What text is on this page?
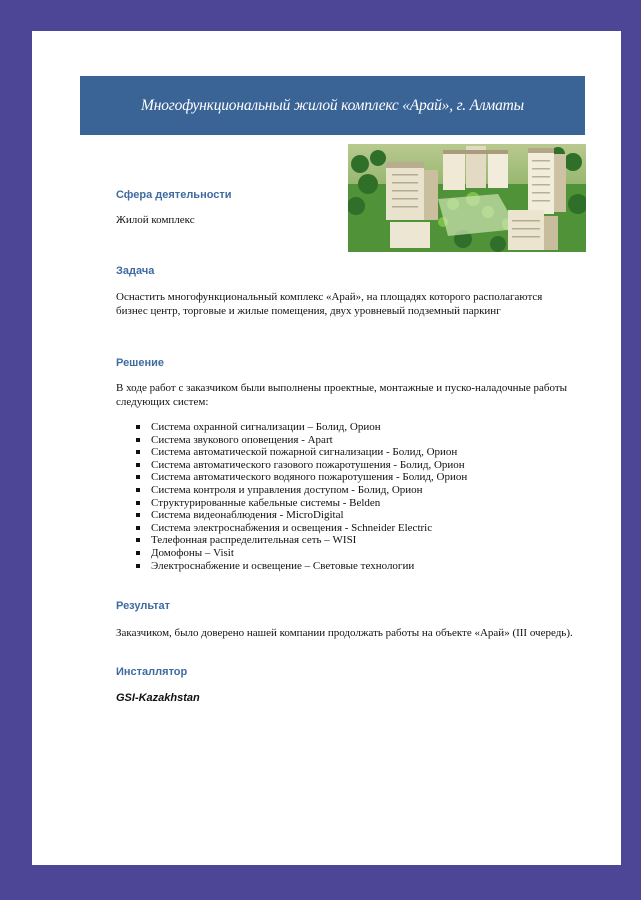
Многофункциональный жилой комплекс «Арай», г. Алматы
Сфера деятельности

Жилой комплекс

Задача

Оснастить многофункциональный комплекс «Арай», на площадях которого располагаются бизнес центр, торговые и жилые помещения, двух уровневый подземный паркинг

Решение

В ходе работ с заказчиком были выполнены проектные, монтажные и пуско-наладочные работы следующих систем:

Система охранной сигнализации – Болид, Орион
Система звукового оповещения - Apart
Система автоматической пожарной сигнализации - Болид, Орион
Система автоматического газового пожаротушения - Болид, Орион
Система автоматического водяного пожаротушения - Болид, Орион
Система контроля и управления доступом - Болид, Орион
Структурированные кабельные системы - Belden
Система видеонаблюдения - MicroDigital
Система электроснабжения и освещения - Schneider Electric
Телефонная распределительная сеть – WISI
Домофоны – Visit
Электроснабжение и освещение – Световые технологии
Результат

Заказчиком, было доверено нашей компании продолжать работы на объекте «Арай» (III очередь).

Инсталлятор

GSI-Kazakhstan
